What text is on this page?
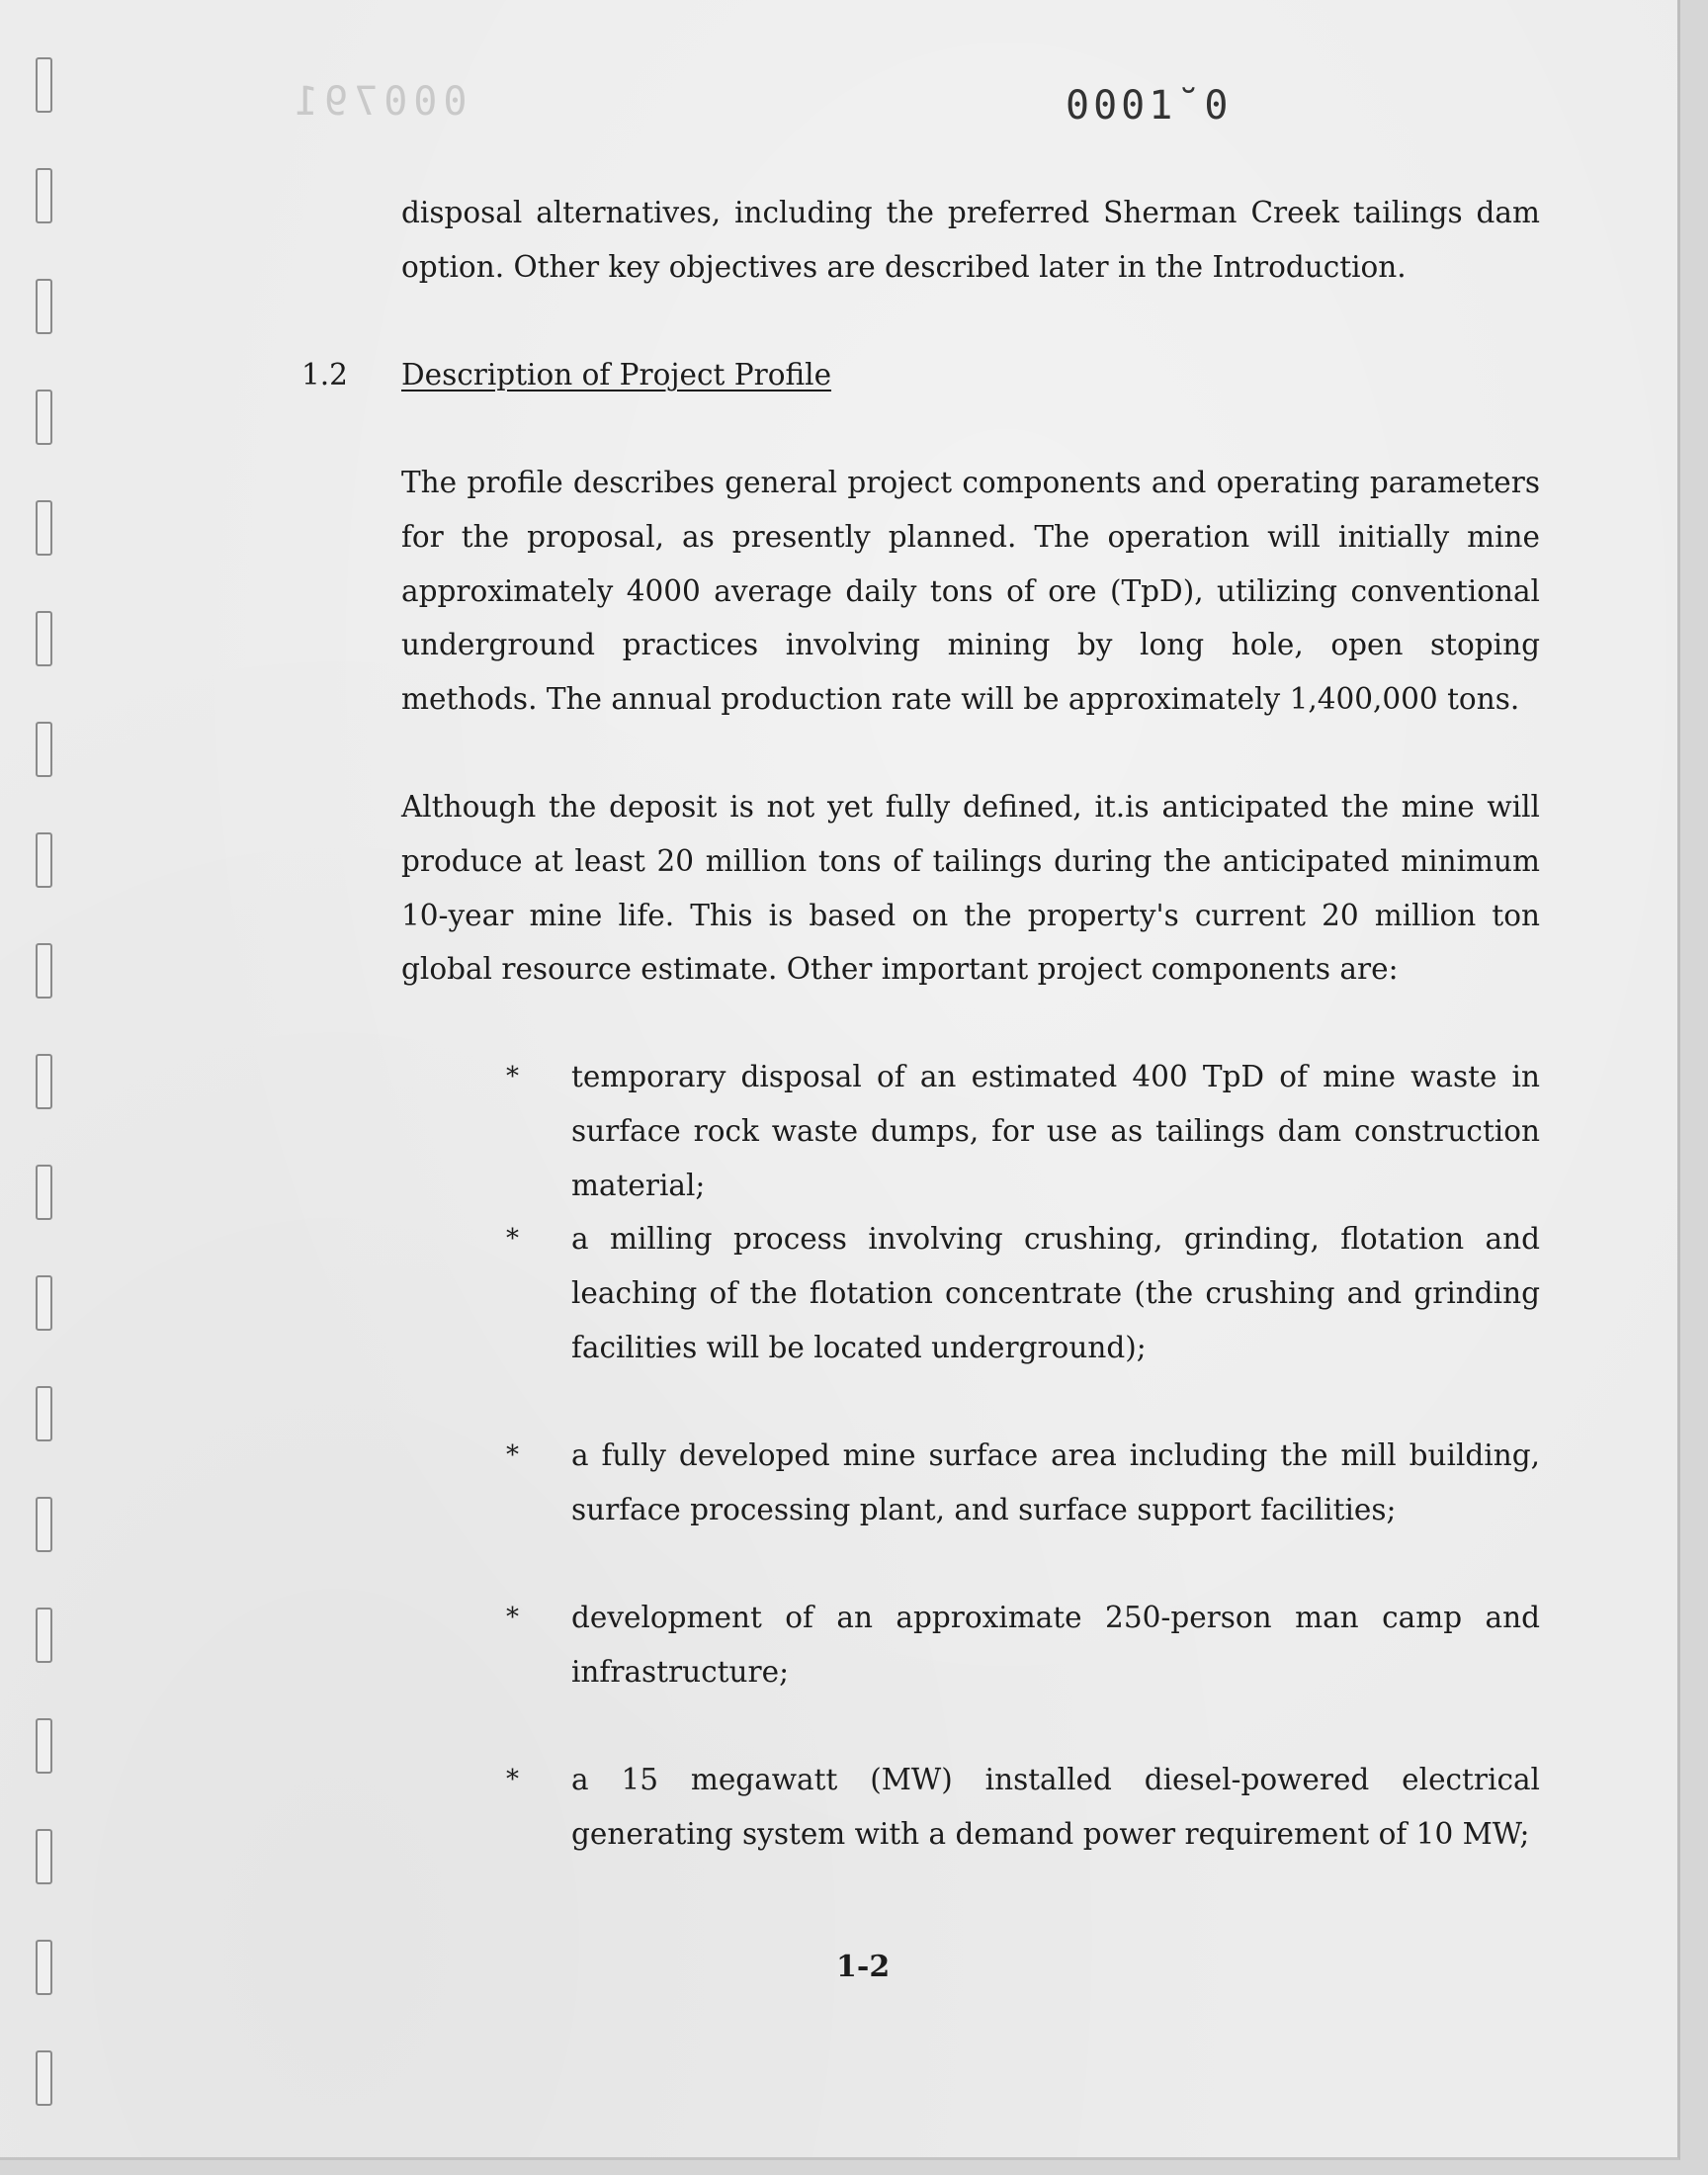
000791	0001˘0
disposal alternatives, including the preferred Sherman Creek tailings dam option. Other key objectives are described later in the Introduction.
1.2 Description of Project Profile
The profile describes general project components and operating parameters for the proposal, as presently planned. The operation will initially mine approximately 4000 average daily tons of ore (TpD), utilizing conventional underground practices involving mining by long hole, open stoping methods. The annual production rate will be approximately 1,400,000 tons.
Although the deposit is not yet fully defined, it.is anticipated the mine will produce at least 20 million tons of tailings during the anticipated minimum 10-year mine life. This is based on the property's current 20 million ton global resource estimate. Other important project components are:
* temporary disposal of an estimated 400 TpD of mine waste in surface rock waste dumps, for use as tailings dam construction material;
* a milling process involving crushing, grinding, flotation and leaching of the flotation concentrate (the crushing and grinding facilities will be located underground);
* a fully developed mine surface area including the mill building, surface processing plant, and surface support facilities;
* development of an approximate 250-person man camp and infrastructure;
* a 15 megawatt (MW) installed diesel-powered electrical generating system with a demand power requirement of 10 MW;
1-2
